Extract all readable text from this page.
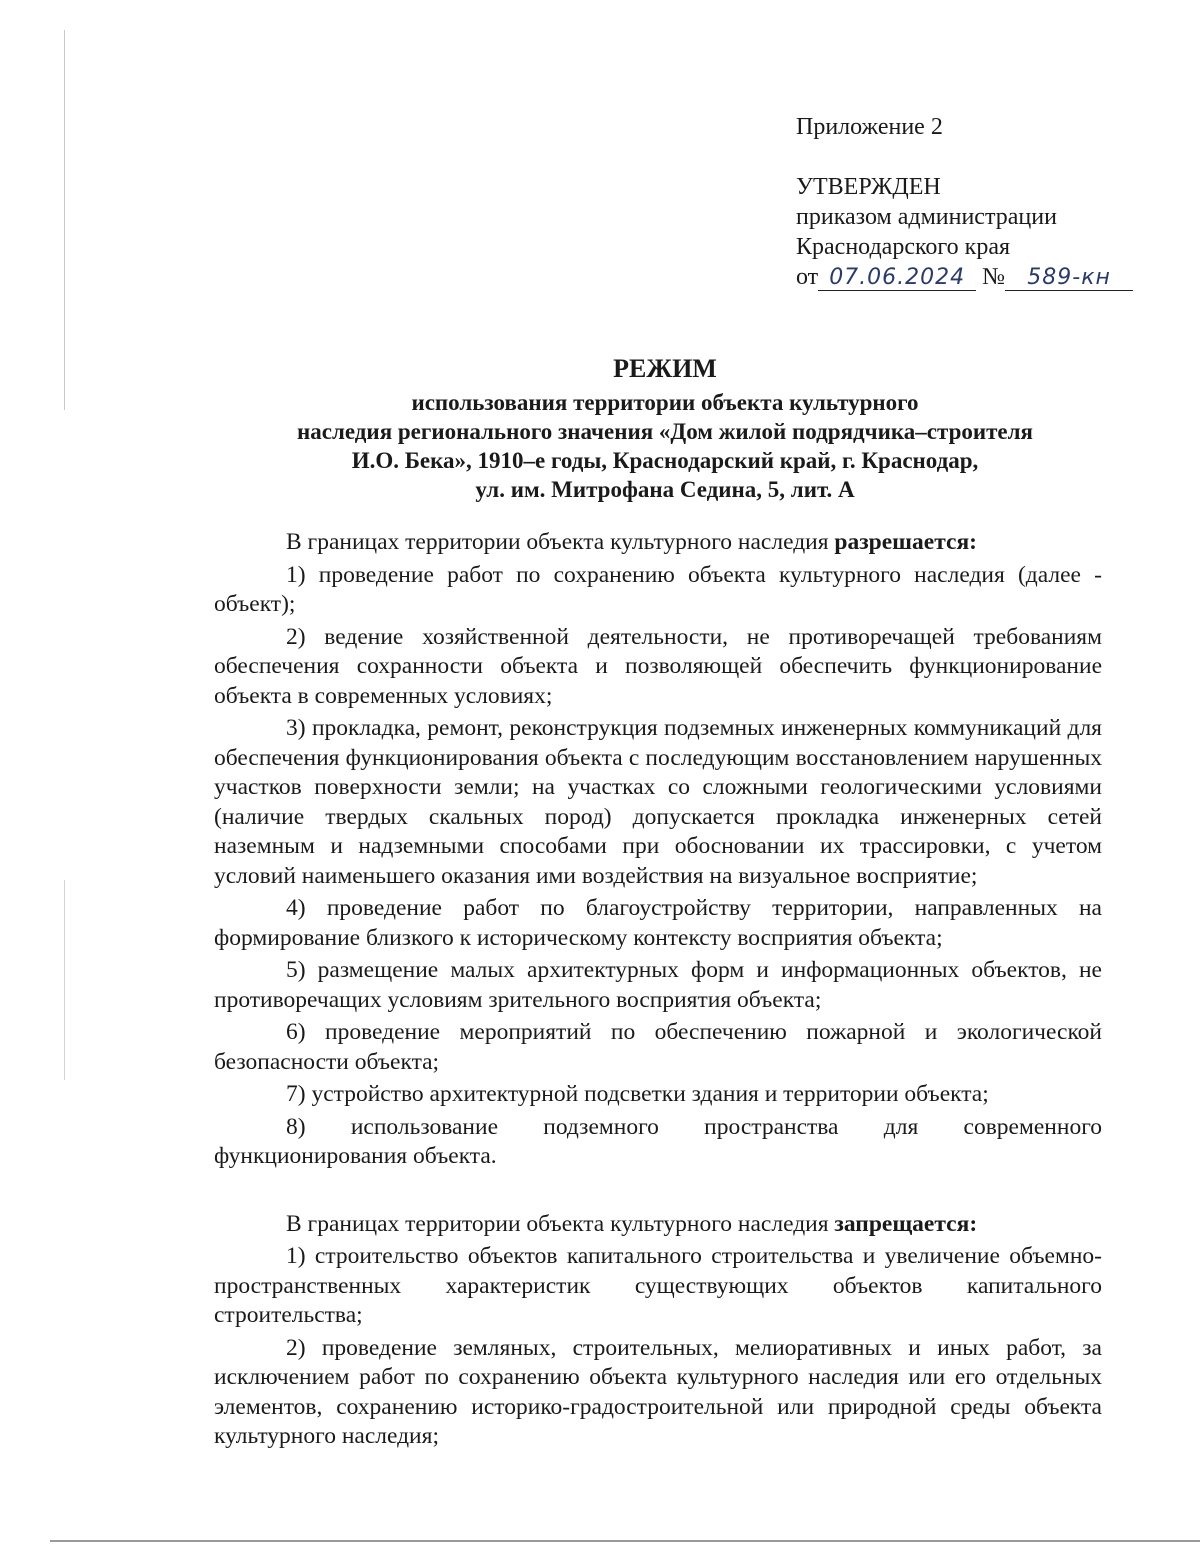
Приложение 2
УТВЕРЖДЕН
приказом администрации
Краснодарского края
от 07.06.2024 № 589-кн
РЕЖИМ
использования территории объекта культурного
наследия регионального значения «Дом жилой подрядчика–строителя
И.О. Бека», 1910–е годы, Краснодарский край, г. Краснодар,
ул. им. Митрофана Седина, 5, лит. А

В границах территории объекта культурного наследия разрешается:

1) проведение работ по сохранению объекта культурного наследия (далее - объект);

2) ведение хозяйственной деятельности, не противоречащей требованиям обеспечения сохранности объекта и позволяющей обеспечить функционирование объекта в современных условиях;

3) прокладка, ремонт, реконструкция подземных инженерных коммуникаций для обеспечения функционирования объекта с последующим восстановлением нарушенных участков поверхности земли; на участках со сложными геологическими условиями (наличие твердых скальных пород) допускается прокладка инженерных сетей наземным и надземными способами при обосновании их трассировки, с учетом условий наименьшего оказания ими воздействия на визуальное восприятие;

4) проведение работ по благоустройству территории, направленных на формирование близкого к историческому контексту восприятия объекта;

5) размещение малых архитектурных форм и информационных объектов, не противоречащих условиям зрительного восприятия объекта;

6) проведение мероприятий по обеспечению пожарной и экологической безопасности объекта;

7) устройство архитектурной подсветки здания и территории объекта;

8) использование подземного пространства для современного функционирования объекта.

В границах территории объекта культурного наследия запрещается:

1) строительство объектов капитального строительства и увеличение объемно-пространственных характеристик существующих объектов капитального строительства;

2) проведение земляных, строительных, мелиоративных и иных работ, за исключением работ по сохранению объекта культурного наследия или его отдельных элементов, сохранению историко-градостроительной или природной среды объекта культурного наследия;
